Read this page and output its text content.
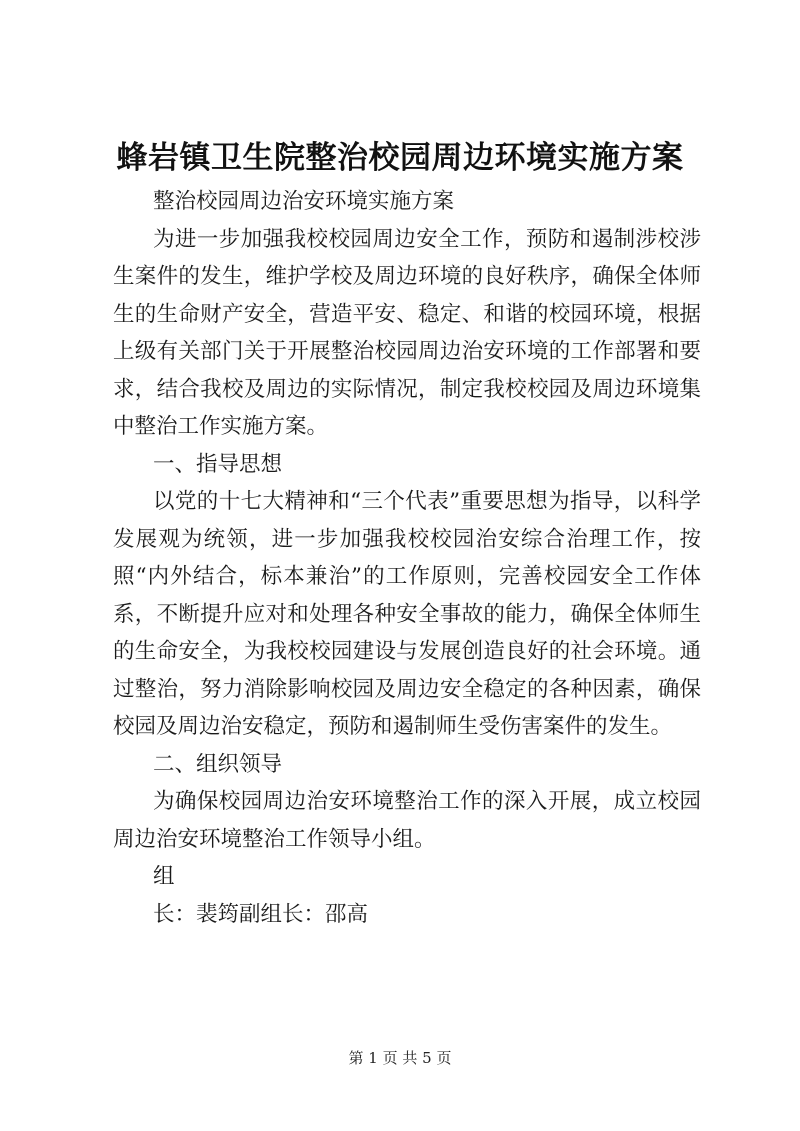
蜂岩镇卫生院整治校园周边环境实施方案

整治校园周边治安环境实施方案

为进一步加强我校校园周边安全工作，预防和遏制涉校涉生案件的发生，维护学校及周边环境的良好秩序，确保全体师生的生命财产安全，营造平安、稳定、和谐的校园环境，根据上级有关部门关于开展整治校园周边治安环境的工作部署和要求，结合我校及周边的实际情况，制定我校校园及周边环境集中整治工作实施方案。

一、指导思想

以党的十七大精神和“三个代表”重要思想为指导，以科学发展观为统领，进一步加强我校校园治安综合治理工作，按照“内外结合，标本兼治”的工作原则，完善校园安全工作体系，不断提升应对和处理各种安全事故的能力，确保全体师生的生命安全，为我校校园建设与发展创造良好的社会环境。通过整治，努力消除影响校园及周边安全稳定的各种因素，确保校园及周边治安稳定，预防和遏制师生受伤害案件的发生。

二、组织领导

为确保校园周边治安环境整治工作的深入开展，成立校园周边治安环境整治工作领导小组。

组

长：裴筠副组长：邵高

第 1 页 共 5 页
